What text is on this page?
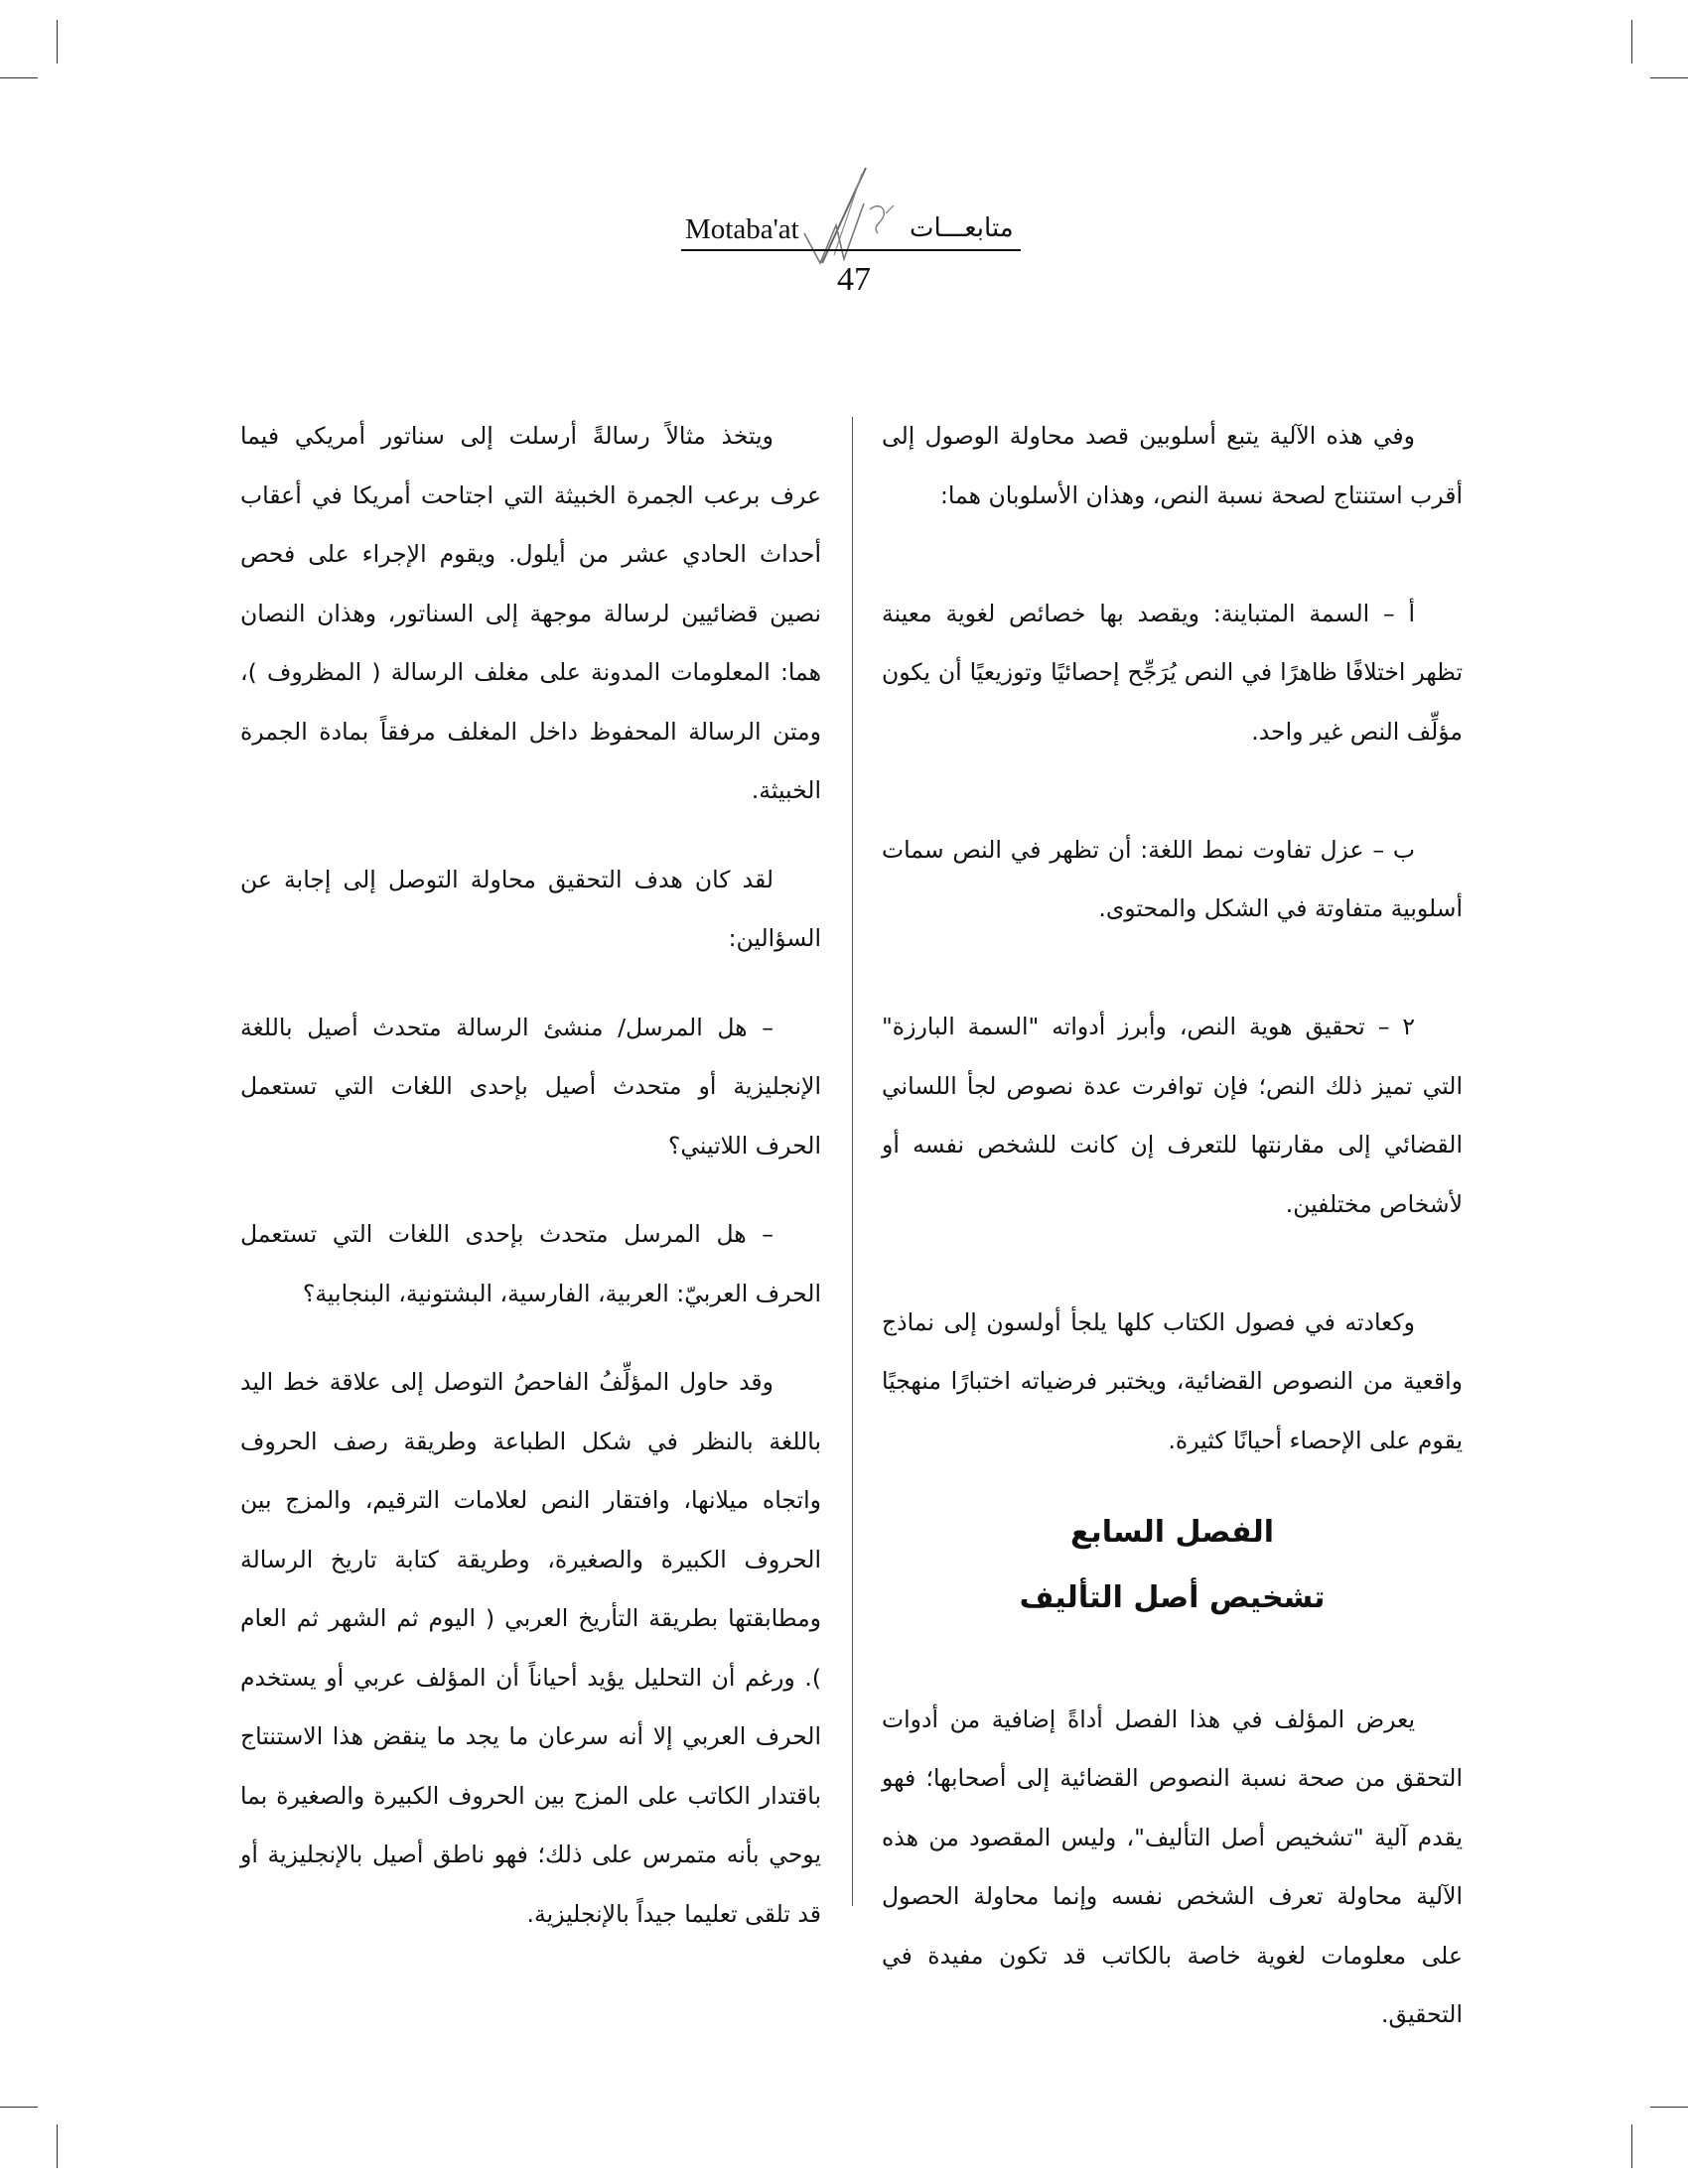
Motaba'at	متابعـــات
47

وفي هذه الآلية يتبع أسلوبين قصد محاولة الوصول إلى أقرب استنتاج لصحة نسبة النص، وهذان الأسلوبان هما:

أ – السمة المتباينة: ويقصد بها خصائص لغوية معينة تظهر اختلافًا ظاهرًا في النص يُرَجِّح إحصائيًا وتوزيعيًا أن يكون مؤلِّف النص غير واحد.

ب – عزل تفاوت نمط اللغة: أن تظهر في النص سمات أسلوبية متفاوتة في الشكل والمحتوى.

٢ – تحقيق هوية النص، وأبرز أدواته "السمة البارزة" التي تميز ذلك النص؛ فإن توافرت عدة نصوص لجأ اللساني القضائي إلى مقارنتها للتعرف إن كانت للشخص نفسه أو لأشخاص مختلفين.

وكعادته في فصول الكتاب كلها يلجأ أولسون إلى نماذج واقعية من النصوص القضائية، ويختبر فرضياته اختبارًا منهجيًا يقوم على الإحصاء أحيانًا كثيرة.

الفصل السابع

تشخيص أصل التأليف

يعرض المؤلف في هذا الفصل أداةً إضافية من أدوات التحقق من صحة نسبة النصوص القضائية إلى أصحابها؛ فهو يقدم آلية "تشخيص أصل التأليف"، وليس المقصود من هذه الآلية محاولة تعرف الشخص نفسه وإنما محاولة الحصول على معلومات لغوية خاصة بالكاتب قد تكون مفيدة في التحقيق.

ويتخذ مثالاً رسالةً أرسلت إلى سناتور أمريكي فيما عرف برعب الجمرة الخبيثة التي اجتاحت أمريكا في أعقاب أحداث الحادي عشر من أيلول. ويقوم الإجراء على فحص نصين قضائيين لرسالة موجهة إلى السناتور، وهذان النصان هما: المعلومات المدونة على مغلف الرسالة ( المظروف )، ومتن الرسالة المحفوظ داخل المغلف مرفقاً بمادة الجمرة الخبيثة.

لقد كان هدف التحقيق محاولة التوصل إلى إجابة عن السؤالين:

– هل المرسل/ منشئ الرسالة متحدث أصيل باللغة الإنجليزية أو متحدث أصيل بإحدى اللغات التي تستعمل الحرف اللاتيني؟

– هل المرسل متحدث بإحدى اللغات التي تستعمل الحرف العربيّ: العربية، الفارسية، البشتونية، البنجابية؟

وقد حاول المؤلِّفُ الفاحصُ التوصل إلى علاقة خط اليد باللغة بالنظر في شكل الطباعة وطريقة رصف الحروف واتجاه ميلانها، وافتقار النص لعلامات الترقيم، والمزج بين الحروف الكبيرة والصغيرة، وطريقة كتابة تاريخ الرسالة ومطابقتها بطريقة التأريخ العربي ( اليوم ثم الشهر ثم العام ). ورغم أن التحليل يؤيد أحياناً أن المؤلف عربي أو يستخدم الحرف العربي إلا أنه سرعان ما يجد ما ينقض هذا الاستنتاج باقتدار الكاتب على المزج بين الحروف الكبيرة والصغيرة بما يوحي بأنه متمرس على ذلك؛ فهو ناطق أصيل بالإنجليزية أو قد تلقى تعليما جيداً بالإنجليزية.
